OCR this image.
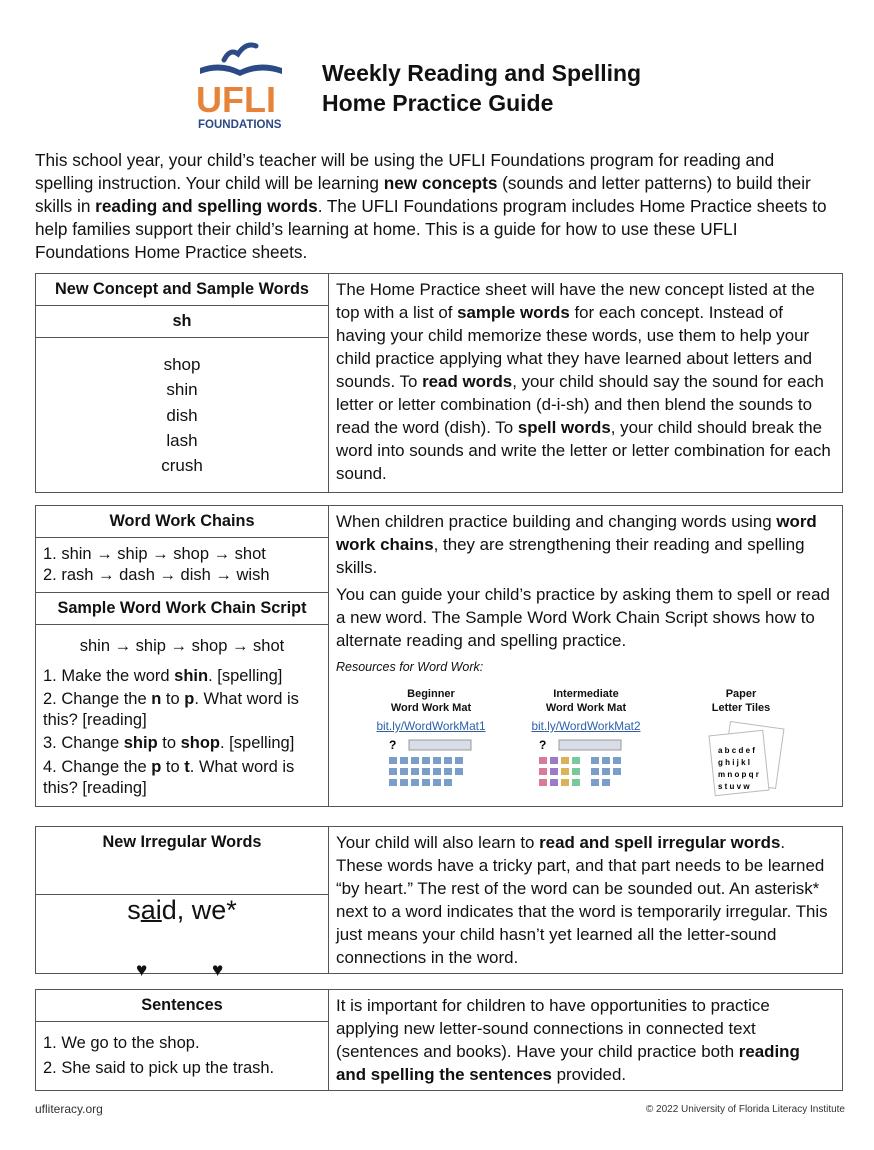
UFLI
FOUNDATIONS
Weekly Reading and Spelling
Home Practice Guide
This school year, your child’s teacher will be using the UFLI Foundations program for reading and spelling instruction. Your child will be learning new concepts (sounds and letter patterns) to build their skills in reading and spelling words. The UFLI Foundations program includes Home Practice sheets to help families support their child’s learning at home. This is a guide for how to use these UFLI Foundations Home Practice sheets.
New Concept and Sample Words	The Home Practice sheet will have the new concept listed at the top with a list of sample words for each concept. Instead of having your child memorize these words, use them to help your child practice applying what they have learned about letters and sounds. To read words, your child should say the sound for each letter or letter combination (d-i-sh) and then blend the sounds to read the word (dish). To spell words, your child should break the word into sounds and write the letter or letter combination for each sound.
sh

shop
shin
dish
lash
crush
Word Work Chains	When children practice building and changing words using word work chains, they are strengthening their reading and spelling skills.
You can guide your child’s practice by asking them to spell or read a new word. The Sample Word Work Chain Script shows how to alternate reading and spelling practice.
Resources for Word Work:
Beginner
Word Work Mat
bit.ly/WordWorkMat1
?
Intermediate
Word Work Mat
bit.ly/WordWorkMat2
?
Paper
Letter Tiles
a b c d e f
g h i j k l
m n o p q r
s t u v w

1. shin → ship → shop → shot
2. rash → dash → dish → wish

Sample Word Work Chain Script

shin → ship → shop → shot
1. Make the word shin. [spelling]
2. Change the n to p. What word is this? [reading]
3. Change ship to shop. [spelling]
4. Change the p to t. What word is this? [reading]
New Irregular Words	Your child will also learn to read and spell irregular words. These words have a tricky part, and that part needs to be learned “by heart.” The rest of the word can be sounded out. An asterisk* next to a word indicates that the word is temporarily irregular. This just means your child hasn’t yet learned all the letter-sound connections in the word.
said, we*
♥	♥
Sentences	It is important for children to have opportunities to practice applying new letter-sound connections in connected text (sentences and books). Have your child practice both reading and spelling the sentences provided.

1. We go to the shop.
2. She said to pick up the trash.
ufliteracy.org	© 2022 University of Florida Literacy Institute
